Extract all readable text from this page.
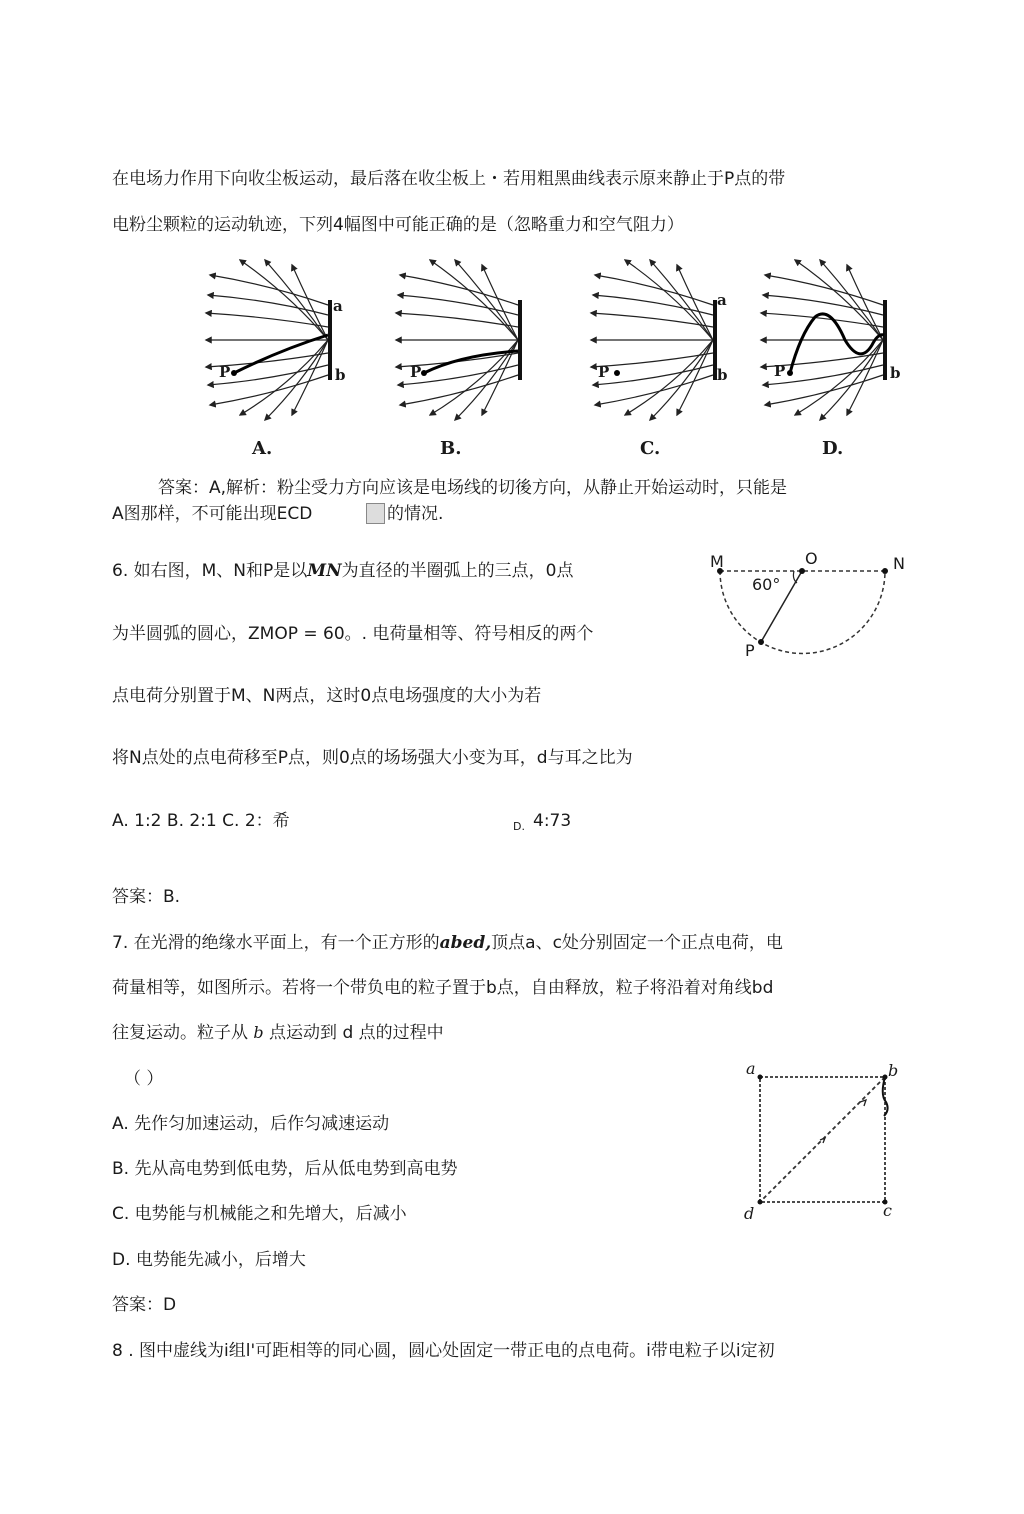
在电场力作用下向收尘板运动，最后落在收尘板上・若用粗黑曲线表示原来静止于P点的带
电粉尘颗粒的运动轨迹，下列4幅图中可能正确的是（忽略重力和空气阻力）
a
b
P	P
a
b
P	b
P
A.	B.	C.	D.
答案：A,解析：粉尘受力方向应该是电场线的切後方向，从静止开始运动时，只能是
A图那样，不可能出现ECD	的情况.
6. 如右图，M、N和P是以MN为直径的半圈弧上的三点，0点
为半圆弧的圆心，ZMOP = 60。. 电荷量相等、符号相反的两个
点电荷分别置于M、N两点，这时0点电场强度的大小为若
将N点处的点电荷移至P点，则0点的场场强大小变为耳，d与耳之比为
A. 1:2 B. 2:1 C. 2：希	D. 4:73
答案：B.
M	O	N
P
60°
7. 在光滑的绝缘水平面上，有一个正方形的abed,顶点a、c处分别固定一个正点电荷，电
荷量相等，如图所示。若将一个带负电的粒子置于b点，自由释放，粒子将沿着对角线bd
往复运动。粒子从 b 点运动到 d 点的过程中
（ ）
A. 先作匀加速运动，后作匀减速运动
B. 先从高电势到低电势，后从低电势到高电势
C. 电势能与机械能之和先增大，后减小
D. 电势能先减小，后增大
答案：D
a	b
c
d
8 . 图中虚线为i组l'可距相等的同心圆，圆心处固定一带正电的点电荷。i带电粒子以i定初
